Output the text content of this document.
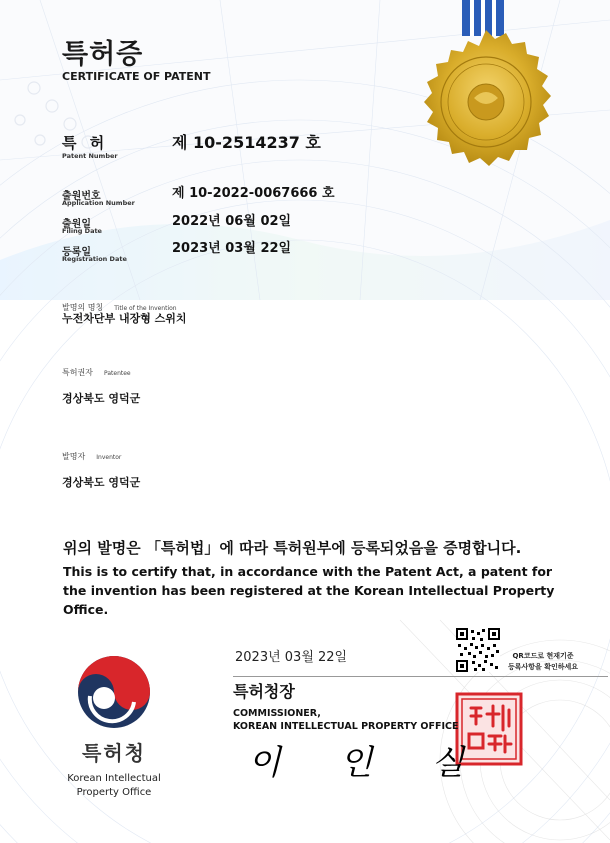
특허증
CERTIFICATE OF PATENT
특 허
Patent Number
제 10-2514237 호
출원번호
Application Number
제 10-2022-0067666 호
출원일
Filing Date
2022년 06월 02일
등록일
Registration Date
2023년 03월 22일
발명의 명칭 Title of the Invention
누전차단부 내장형 스위치
특허권자 Patentee
경상북도 영덕군
발명자 Inventor
경상북도 영덕군
위의 발명은 「특허법」에 따라 특허원부에 등록되었음을 증명합니다.
This is to certify that, in accordance with the Patent Act, a patent for the invention has been registered at the Korean Intellectual Property Office.
2023년 03월 22일	QR코드로 현재기준
등록사항을 확인하세요
특허청장
COMMISSIONER,
KOREAN INTELLECTUAL PROPERTY OFFICE
이 인 실
특허청
Korean Intellectual
Property Office
